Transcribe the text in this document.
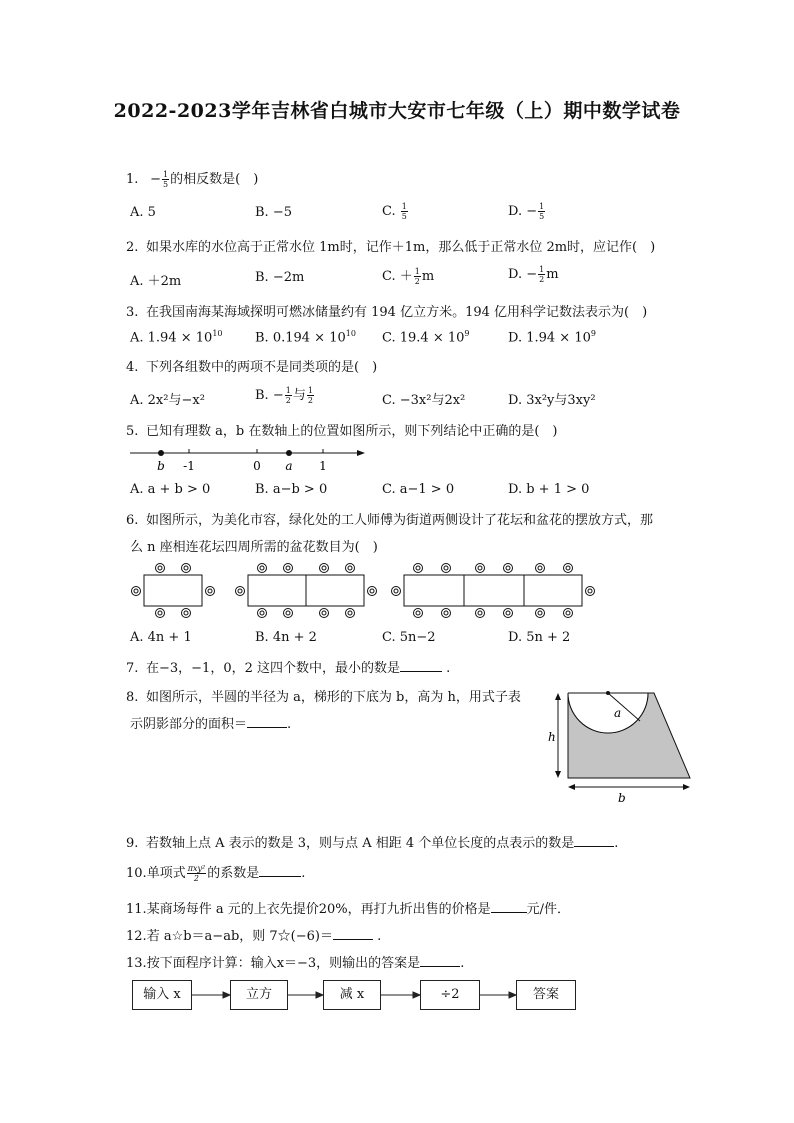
2022-2023学年吉林省白城市大安市七年级（上）期中数学试卷
1. − $\frac{1}{5}$ 的相反数是(　)
A. 5	B. −5	C. $\frac{1}{5}$	D. − $\frac{1}{5}$
2. 如果水库的水位高于正常水位 1m时，记作＋1m，那么低于正常水位 2m时，应记作(　)
A. ＋2m	B. −2m	C. ＋ $\frac{1}{2}$ m	D. − $\frac{1}{2}$ m
3. 在我国南海某海域探明可燃冰储量约有 194 亿立方米。194 亿用科学记数法表示为(　)
A. $1.94 \times 10^{10}$	B. $0.194 \times 10^{10}$ C. $19.4 \times 10^9$	D. $1.94 \times 10^9$
4. 下列各组数中的两项不是同类项的是(　)
A. 2x²与−x²	B. − $\frac{1}{2}$ 与 $\frac{1}{2}$	C. −3x²与2x²	D. 3x²y与3xy²
5. 已知有理数 a，b 在数轴上的位置如图所示，则下列结论中正确的是(　)
b -1	0 a 1
A. a + b > 0	B. a−b > 0	C. a−1 > 0	D. b + 1 > 0
6. 如图所示，为美化市容，绿化处的工人师傅为街道两侧设计了花坛和盆花的摆放方式，那
么 n 座相连花坛四周所需的盆花数目为(　)
A. 4n + 1	B. 4n + 2	C. 5n−2	D. 5n + 2
7. 在−3，−1，0，2 这四个数中，最小的数是	.
8. 如图所示，半圆的半径为 a，梯形的下底为 b，高为 h，用式子表
示阴影部分的面积＝	.
a
h
b
9. 若数轴上点 A 表示的数是 3，则与点 A 相距 4 个单位长度的点表示的数是	.
10.单项式 $\frac{\text{πxy²}}{2}$ 的系数是	.
11.某商场每件 a 元的上衣先提价20%，再打九折出售的价格是	元/件．
12.若 a☆b＝a−ab，则 7☆(−6)＝	.
13.按下面程序计算：输入x＝−3，则输出的答案是	.
输入 x	立方	减 x	÷2	答案
